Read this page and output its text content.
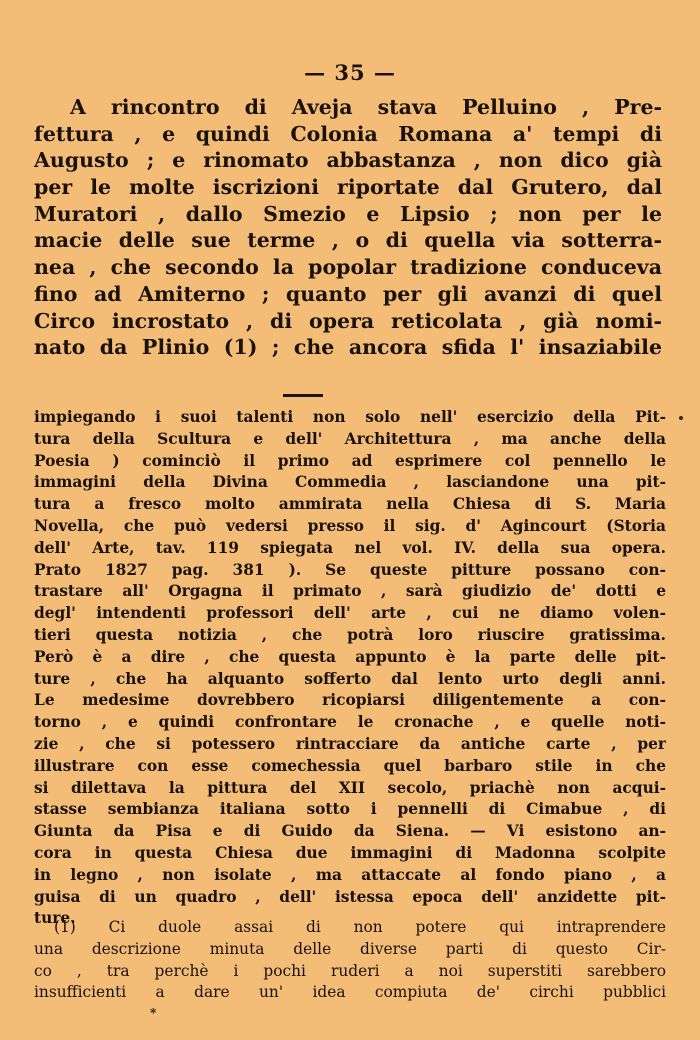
— 35 —
A rincontro di Aveja stava Pelluino , Pre-
fettura , e quindi Colonia Romana a' tempi di
Augusto ; e rinomato abbastanza , non dico già
per le molte iscrizioni riportate dal Grutero, dal
Muratori , dallo Smezio e Lipsio ; non per le
macie delle sue terme , o di quella via sotterra-
nea , che secondo la popolar tradizione conduceva
fino ad Amiterno ; quanto per gli avanzi di quel
Circo incrostato , di opera reticolata , già nomi-
nato da Plinio (1) ; che ancora sfida l' insaziabile
impiegando i suoi talenti non solo nell' esercizio della Pit-
tura della Scultura e dell' Architettura , ma anche della
Poesia ) cominciò il primo ad esprimere col pennello le
immagini della Divina Commedia , lasciandone una pit-
tura a fresco molto ammirata nella Chiesa di S. Maria
Novella, che può vedersi presso il sig. d' Agincourt (Storia
dell' Arte, tav. 119 spiegata nel vol. IV. della sua opera.
Prato 1827 pag. 381 ). Se queste pitture possano con-
trastare all' Orgagna il primato , sarà giudizio de' dotti e
degl' intendenti professori dell' arte , cui ne diamo volen-
tieri questa notizia , che potrà loro riuscire gratissima.
Però è a dire , che questa appunto è la parte delle pit-
ture , che ha alquanto sofferto dal lento urto degli anni.
Le medesime dovrebbero ricopiarsi diligentemente a con-
torno , e quindi confrontare le cronache , e quelle noti-
zie , che si potessero rintracciare da antiche carte , per
illustrare con esse comechessia quel barbaro stile in che
si dilettava la pittura del XII secolo, priachè non acqui-
stasse sembianza italiana sotto i pennelli di Cimabue , di
Giunta da Pisa e di Guido da Siena. — Vi esistono an-
cora in questa Chiesa due immagini di Madonna scolpite
in legno , non isolate , ma attaccate al fondo piano , a
guisa di un quadro , dell' istessa epoca dell' anzidette pit-
ture.
(1) Ci duole assai di non potere qui intraprendere
una descrizione minuta delle diverse parti di questo Cir-
co , tra perchè i pochi ruderi a noi superstiti sarebbero
insufficienti a dare un' idea compiuta de' circhi pubblici
*
